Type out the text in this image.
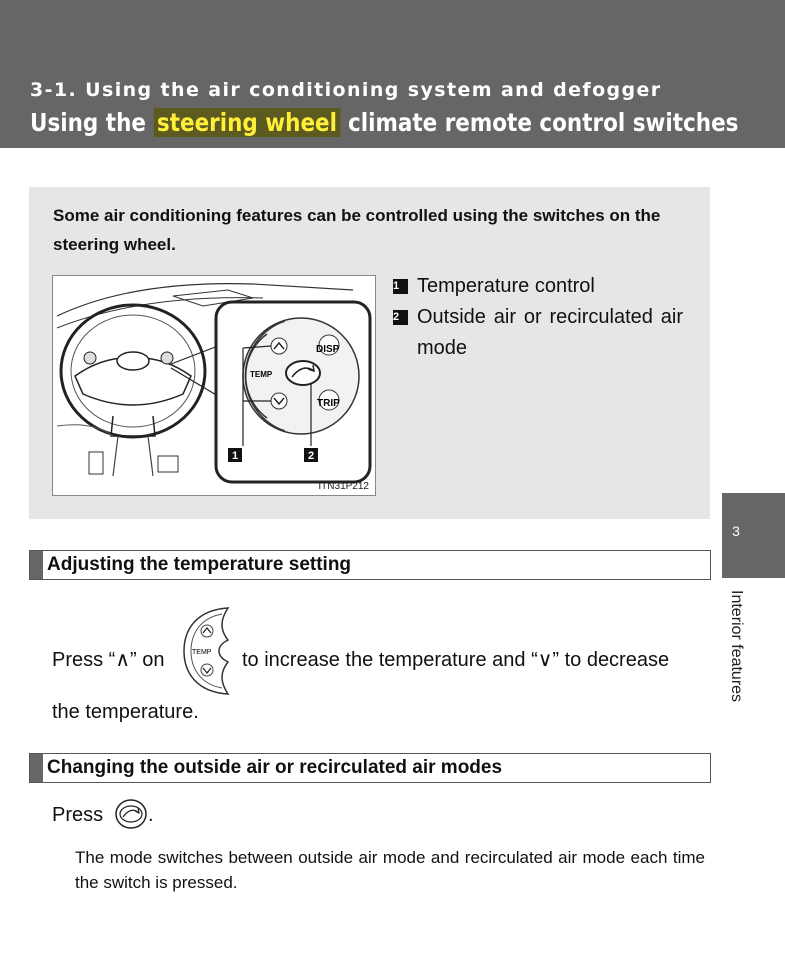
3-1. Using the air conditioning system and defogger
Using the steering wheel climate remote control switches
Some air conditioning features can be controlled using the switches on the steering wheel.
DISP
TRIP
TEMP
1	2
ITN31P212
1 Temperature control
2 Outside air or recirculated air mode
3
Interior features
Adjusting the temperature setting
Press “∧” on	TEMP to increase the temperature and “∨” to decrease
the temperature.
Changing the outside air or recirculated air modes
Press .
The mode switches between outside air mode and recirculated air mode each time the switch is pressed.
